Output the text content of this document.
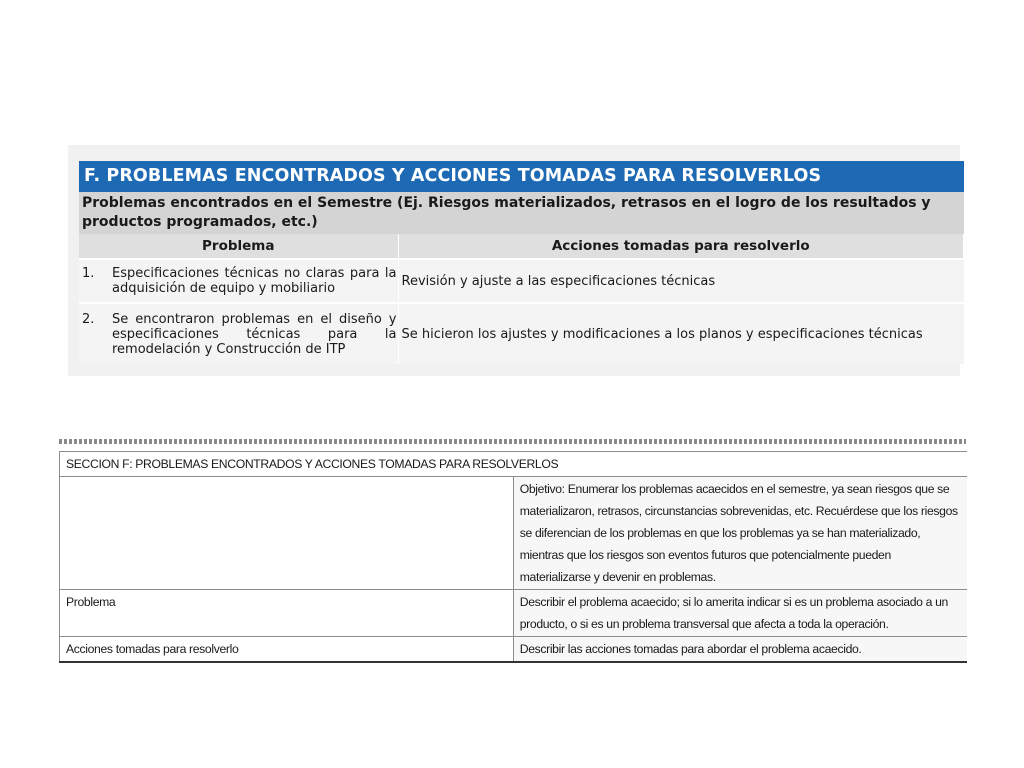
F. PROBLEMAS ENCONTRADOS Y ACCIONES TOMADAS PARA RESOLVERLOS
Problemas encontrados en el Semestre (Ej. Riesgos materializados, retrasos en el logro de los resultados y productos programados, etc.)
Problema	Acciones tomadas para resolverlo

1. Especificaciones técnicas no claras para la adquisición de equipo y mobiliario	Revisión y ajuste a las especificaciones técnicas

2. Se encontraron problemas en el diseño y especificaciones técnicas para la remodelación y Construcción de ITP	Se hicieron los ajustes y modificaciones a los planos y especificaciones técnicas
SECCION F: PROBLEMAS ENCONTRADOS Y ACCIONES TOMADAS PARA RESOLVERLOS	
	Objetivo: Enumerar los problemas acaecidos en el semestre, ya sean riesgos que se materializaron, retrasos, circunstancias sobrevenidas, etc. Recuérdese que los riesgos se diferencian de los problemas en que los problemas ya se han materializado, mientras que los riesgos son eventos futuros que potencialmente pueden materializarse y devenir en problemas.
Problema	Describir el problema acaecido; si lo amerita indicar si es un problema asociado a un producto, o si es un problema transversal que afecta a toda la operación.
Acciones tomadas para resolverlo	Describir las acciones tomadas para abordar el problema acaecido.
